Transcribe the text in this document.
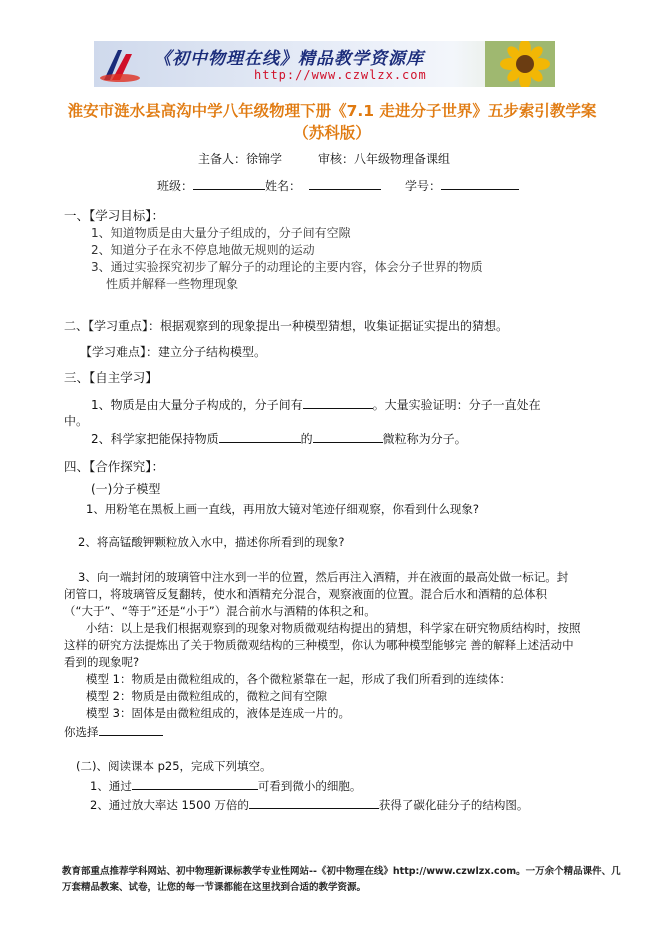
《初中物理在线》精品教学资源库
http://www.czwlzx.com
淮安市涟水县高沟中学八年级物理下册《7.1 走进分子世界》五步索引教学案（苏科版）
主备人：徐锦学　　　审核：八年级物理备课组
班级：	姓名：	学号：
一、【学习目标】：
1、知道物质是由大量分子组成的，分子间有空隙
2、知道分子在永不停息地做无规则的运动
3、通过实验探究初步了解分子的动理论的主要内容，体会分子世界的物质
性质并解释一些物理现象
二、【学习重点】：根据观察到的现象提出一种模型猜想，收集证据证实提出的猜想。
【学习难点】：建立分子结构模型。
三、【自主学习】
1、物质是由大量分子构成的，分子间有	。大量实验证明：分子一直处在
中。
2、科学家把能保持物质	的	微粒称为分子。
四、【合作探究】：
(一)分子模型
1、用粉笔在黑板上画一直线，再用放大镜对笔迹仔细观察，你看到什么现象?
2、将高锰酸钾颗粒放入水中，描述你所看到的现象?
3、向一端封闭的玻璃管中注水到一半的位置，然后再注入酒精，并在液面的最高处做一标记。封
闭管口，将玻璃管反复翻转，使水和酒精充分混合，观察液面的位置。混合后水和酒精的总体积
（“大于”、“等于”还是“小于”）混合前水与酒精的体积之和。
小结：以上是我们根据观察到的现象对物质微观结构提出的猜想，科学家在研究物质结构时，按照
这样的研究方法提炼出了关于物质微观结构的三种模型，你认为哪种模型能够完 善的解释上述活动中
看到的现象呢?
模型 1：物质是由微粒组成的，各个微粒紧靠在一起，形成了我们所看到的连续体：
模型 2：物质是由微粒组成的，微粒之间有空隙
模型 3：固体是由微粒组成的，液体是连成一片的。
你选择
(二)、阅读课本 p25，完成下列填空。
1、通过	可看到微小的细胞。
2、通过放大率达 1500 万倍的	获得了碳化硅分子的结构图。
教育部重点推荐学科网站、初中物理新课标教学专业性网站--《初中物理在线》http://www.czwlzx.com。一万余个精品课件、几万套精品教案、试卷，让您的每一节课都能在这里找到合适的教学资源。
